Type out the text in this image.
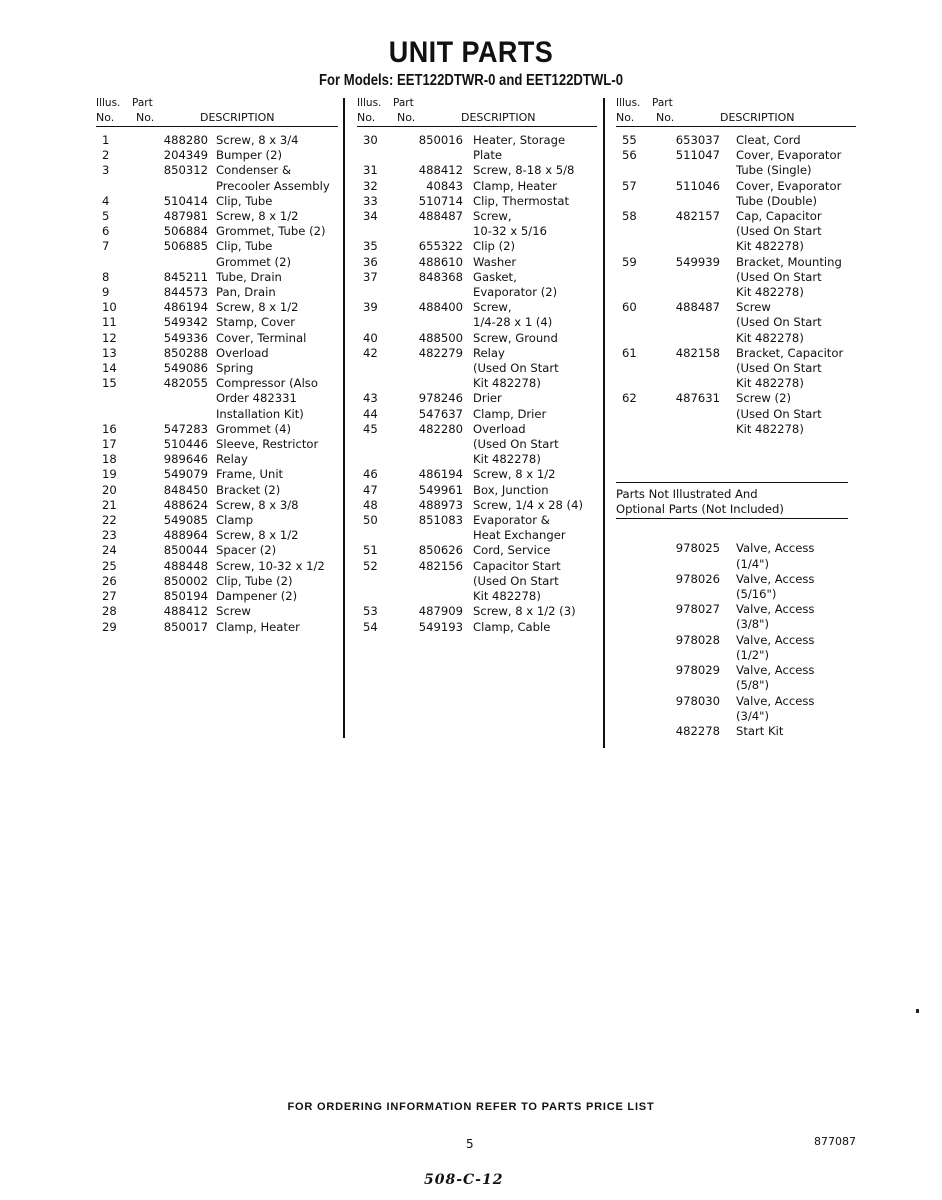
UNIT PARTS
For Models: EET122DTWR-0 and EET122DTWL-0
Illus. Part
No. No.	DESCRIPTION
1	488280 Screw, 8 x 3/4
2	204349 Bumper (2)
3	850312 Condenser &
Precooler Assembly
4	510414 Clip, Tube
5	487981 Screw, 8 x 1/2
6	506884 Grommet, Tube (2)
7	506885 Clip, Tube
Grommet (2)
8	845211 Tube, Drain
9	844573 Pan, Drain
10	486194 Screw, 8 x 1/2
11	549342 Stamp, Cover
12	549336 Cover, Terminal
13	850288 Overload
14	549086 Spring
15	482055 Compressor (Also
Order 482331
Installation Kit)
16	547283 Grommet (4)
17	510446 Sleeve, Restrictor
18	989646 Relay
19	549079 Frame, Unit
20	848450 Bracket (2)
21	488624 Screw, 8 x 3/8
22	549085 Clamp
23	488964 Screw, 8 x 1/2
24	850044 Spacer (2)
25	488448 Screw, 10-32 x 1/2
26	850002 Clip, Tube (2)
27	850194 Dampener (2)
28	488412 Screw
29	850017 Clamp, Heater
Illus. Part
No. No.	DESCRIPTION
30	850016 Heater, Storage
Plate
31	488412 Screw, 8-18 x 5/8
32	40843 Clamp, Heater
33	510714 Clip, Thermostat
34	488487 Screw,
10-32 x 5/16
35	655322 Clip (2)
36	488610 Washer
37	848368 Gasket,
Evaporator (2)
39	488400 Screw,
1/4-28 x 1 (4)
40	488500 Screw, Ground
42	482279 Relay
(Used On Start
Kit 482278)
43	978246 Drier
44	547637 Clamp, Drier
45	482280 Overload
(Used On Start
Kit 482278)
46	486194 Screw, 8 x 1/2
47	549961 Box, Junction
48	488973 Screw, 1/4 x 28 (4)
50	851083 Evaporator &
Heat Exchanger
51	850626 Cord, Service
52	482156 Capacitor Start
(Used On Start
Kit 482278)
53	487909 Screw, 8 x 1/2 (3)
54	549193 Clamp, Cable
Illus. Part
No. No.	DESCRIPTION
55	653037 Cleat, Cord
56	511047 Cover, Evaporator
Tube (Single)
57	511046 Cover, Evaporator
Tube (Double)
58	482157 Cap, Capacitor
(Used On Start
Kit 482278)
59	549939 Bracket, Mounting
(Used On Start
Kit 482278)
60	488487 Screw
(Used On Start
Kit 482278)
61	482158 Bracket, Capacitor
(Used On Start
Kit 482278)
62	487631 Screw (2)
(Used On Start
Kit 482278)
Parts Not Illustrated And
Optional Parts (Not Included)
978025 Valve, Access
(1/4")
978026 Valve, Access
(5/16")
978027 Valve, Access
(3/8")
978028 Valve, Access
(1/2")
978029 Valve, Access
(5/8")
978030 Valve, Access
(3/4")
482278 Start Kit
FOR ORDERING INFORMATION REFER TO PARTS PRICE LIST
5	877087
508-C-12
